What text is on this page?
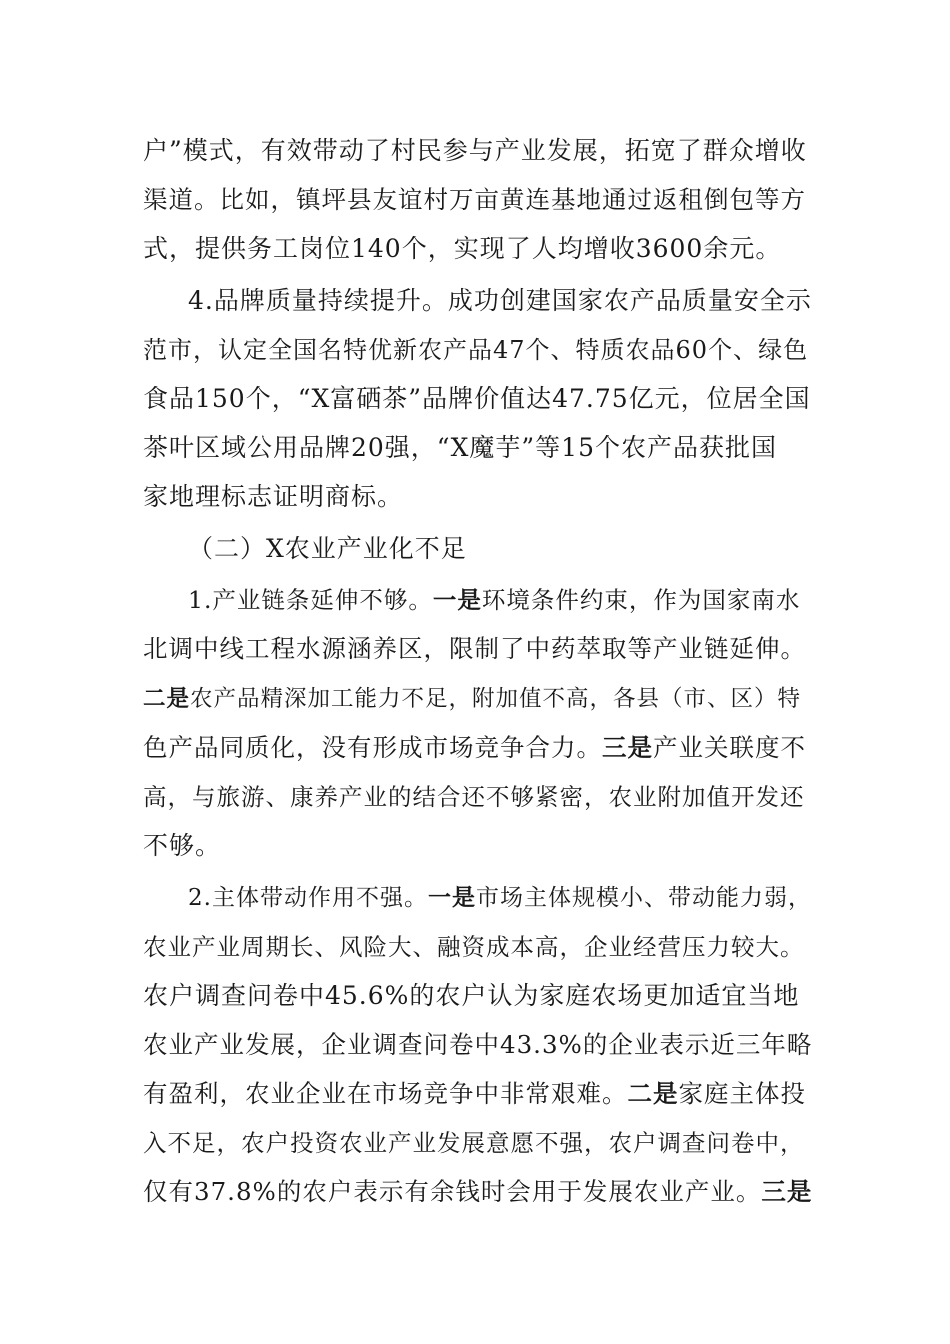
户”模式，有效带动了村民参与产业发展，拓宽了群众增收
渠道。比如，镇坪县友谊村万亩黄连基地通过返租倒包等方
式，提供务工岗位140个，实现了人均增收3600余元。
4.品牌质量持续提升。成功创建国家农产品质量安全示
范市，认定全国名特优新农产品47个、特质农品60个、绿色
食品150个，“X富硒茶”品牌价值达47.75亿元，位居全国
茶叶区域公用品牌20强，“X魔芋”等15个农产品获批国
家地理标志证明商标。
（二）X农业产业化不足
1.产业链条延伸不够。一是环境条件约束，作为国家南水
北调中线工程水源涵养区，限制了中药萃取等产业链延伸。
二是农产品精深加工能力不足，附加值不高，各县（市、区）特
色产品同质化，没有形成市场竞争合力。三是产业关联度不
高，与旅游、康养产业的结合还不够紧密，农业附加值开发还
不够。
2.主体带动作用不强。一是市场主体规模小、带动能力弱，
农业产业周期长、风险大、融资成本高，企业经营压力较大。
农户调查问卷中45.6%的农户认为家庭农场更加适宜当地
农业产业发展，企业调查问卷中43.3%的企业表示近三年略
有盈利，农业企业在市场竞争中非常艰难。二是家庭主体投
入不足，农户投资农业产业发展意愿不强，农户调查问卷中，
仅有37.8%的农户表示有余钱时会用于发展农业产业。三是
